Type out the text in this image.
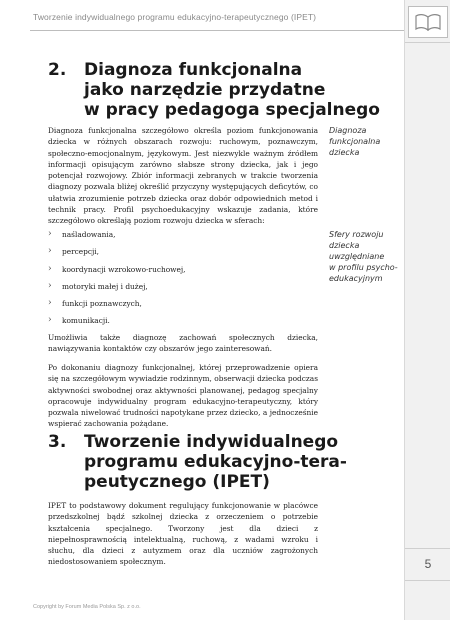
Tworzenie indywidualnego programu edukacyjno-terapeutycznego (IPET)
5
2. Diagnoza funkcjonalna
jako narzędzie przydatne
w pracy pedagoga specjalnego

Diagnoza funkcjonalna szczegółowo określa poziom funkcjonowania dziecka w różnych obszarach rozwoju: ruchowym, poznawczym, społeczno-emocjonalnym, językowym. Jest niezwykle ważnym źródłem informacji opisującym zarówno słabsze strony dziecka, jak i jego potencjał rozwojowy. Zbiór informacji zebranych w trakcie tworzenia diagnozy pozwala bliżej określić przyczyny występujących deficytów, co ułatwia zrozumienie potrzeb dziecka oraz dobór odpowiednich metod i technik pracy. Profil psychoedukacyjny wskazuje zadania, które szczegółowo określają poziom rozwoju dziecka w sferach:

› naśladowania,
› percepcji,
› koordynacji wzrokowo-ruchowej,
› motoryki małej i dużej,
› funkcji poznawczych,
› komunikacji.

Umożliwia także diagnozę zachowań społecznych dziecka, nawiązywania kontaktów czy obszarów jego zainteresowań.

Po dokonaniu diagnozy funkcjonalnej, której przeprowadzenie opiera się na szczegółowym wywiadzie rodzinnym, obserwacji dziecka podczas aktywności swobodnej oraz aktywności planowanej, pedagog specjalny opracowuje indywidualny program edukacyjno-terapeutyczny, który pozwala niwelować trudności napotykane przez dziecko, a jednocześnie wspierać zachowania pożądane.

Diagnoza
funkcjonalna
dziecka
Sfery rozwoju
dziecka
uwzględniane
w profilu psycho-
edukacyjnym
3. Tworzenie indywidualnego
programu edukacyjno-tera-
peutycznego (IPET)

IPET to podstawowy dokument regulujący funkcjonowanie w placówce przedszkolnej bądź szkolnej dziecka z orzeczeniem o potrzebie kształcenia specjalnego. Tworzony jest dla dzieci z niepełnosprawnością intelektualną, ruchową, z wadami wzroku i słuchu, dla dzieci z autyzmem oraz dla uczniów zagrożonych niedostosowaniem społecznym.

Copyright by Forum Media Polska Sp. z o.o.
